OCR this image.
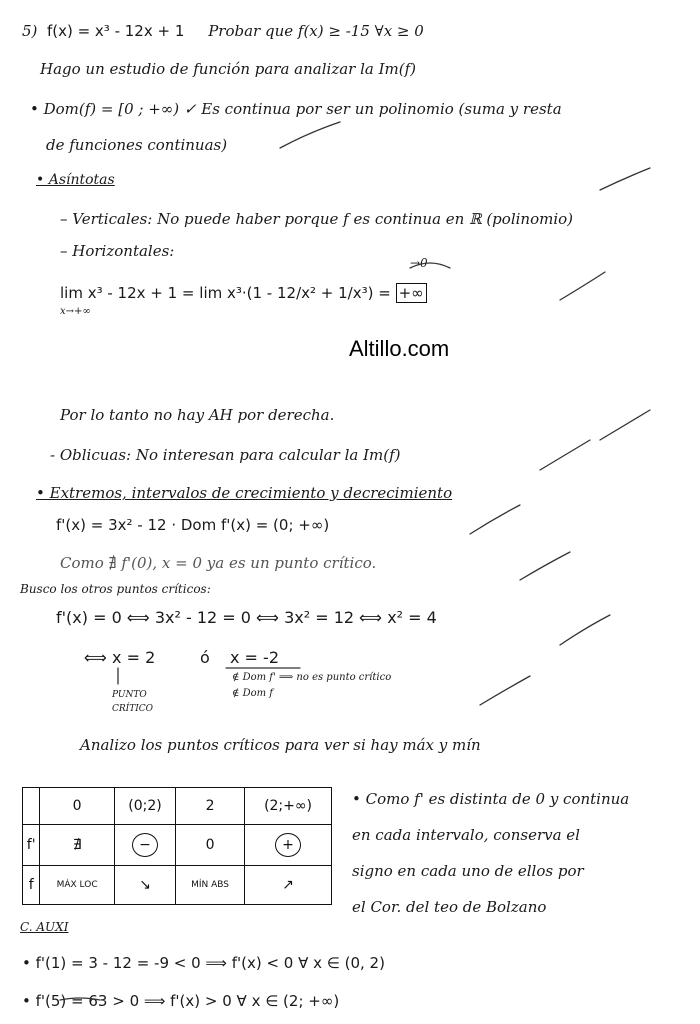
5) f(x) = x³ - 12x + 1 Probar que f(x) ≥ -15 ∀x ≥ 0
Hago un estudio de función para analizar la Im(f)
• Dom(f) = [0 ; +∞) ✓ Es continua por ser un polinomio (suma y resta
de funciones continuas)
• Asíntotas
– Verticales: No puede haber porque f es continua en ℝ (polinomio)
– Horizontales:
lim x³ - 12x + 1 = lim x³·(1 - 12/x² + 1/x³) = +∞
x→+∞
→0
Altillo.com
Por lo tanto no hay AH por derecha.
- Oblicuas: No interesan para calcular la Im(f)
• Extremos, intervalos de crecimiento y decrecimiento
f'(x) = 3x² - 12 · Dom f'(x) = (0; +∞)
Como ∄ f'(0), x = 0 ya es un punto crítico.
Busco los otros puntos críticos:
f'(x) = 0 ⟺ 3x² - 12 = 0 ⟺ 3x² = 12 ⟺ x² = 4
⟺ x = 2	ó x = -2
PUNTO CRÍTICO
∉ Dom f' ⟹ no es punto crítico
∉ Dom f
Analizo los puntos críticos para ver si hay máx y mín
	0	(0;2)	2	(2;+∞)
f'	∄	−	0	+
f	MÁX LOC	↘	MÍN ABS	↗
• Como f' es distinta de 0 y continua
en cada intervalo, conserva el
signo en cada uno de ellos por
el Cor. del teo de Bolzano
C. AUXI
• f'(1) = 3 - 12 = -9 < 0 ⟹ f'(x) < 0 ∀ x ∈ (0, 2)
• f'(5) = 63 > 0 ⟹ f'(x) > 0 ∀ x ∈ (2; +∞)
